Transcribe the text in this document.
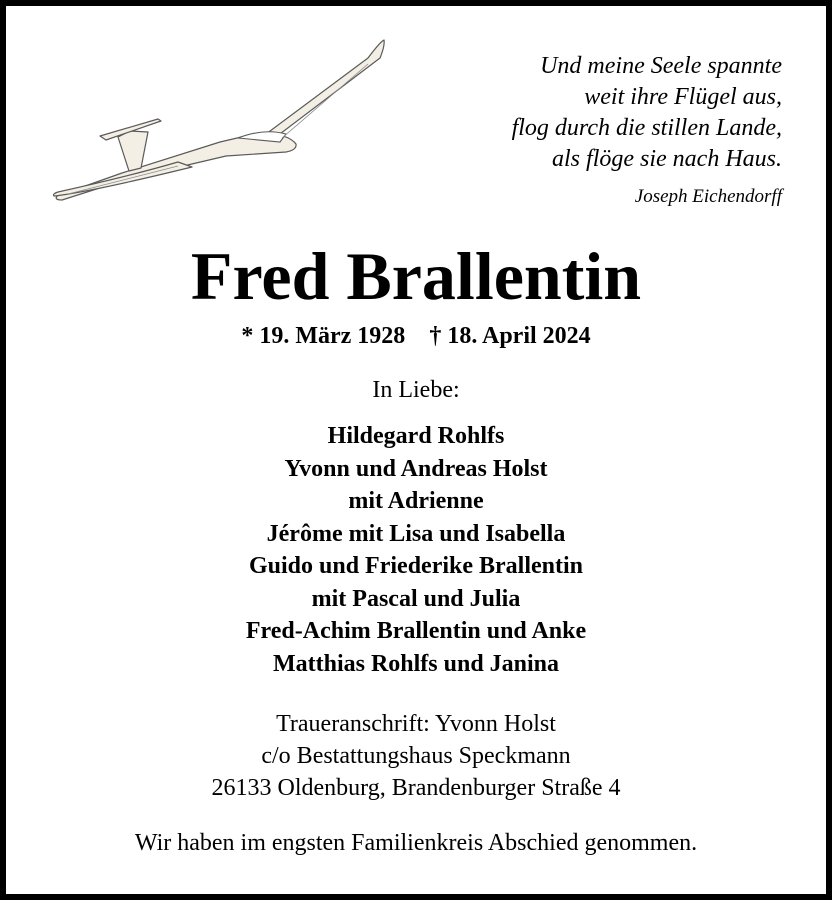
Und meine Seele spannte
weit ihre Flügel aus,
flog durch die stillen Lande,
als flöge sie nach Haus.
Joseph Eichendorff
Fred Brallentin
* 19. März 1928 † 18. April 2024
In Liebe:
Hildegard Rohlfs
Yvonn und Andreas Holst
mit Adrienne
Jérôme mit Lisa und Isabella
Guido und Friederike Brallentin
mit Pascal und Julia
Fred-Achim Brallentin und Anke
Matthias Rohlfs und Janina
Traueranschrift: Yvonn Holst
c/o Bestattungshaus Speckmann
26133 Oldenburg, Brandenburger Straße 4
Wir haben im engsten Familienkreis Abschied genommen.
